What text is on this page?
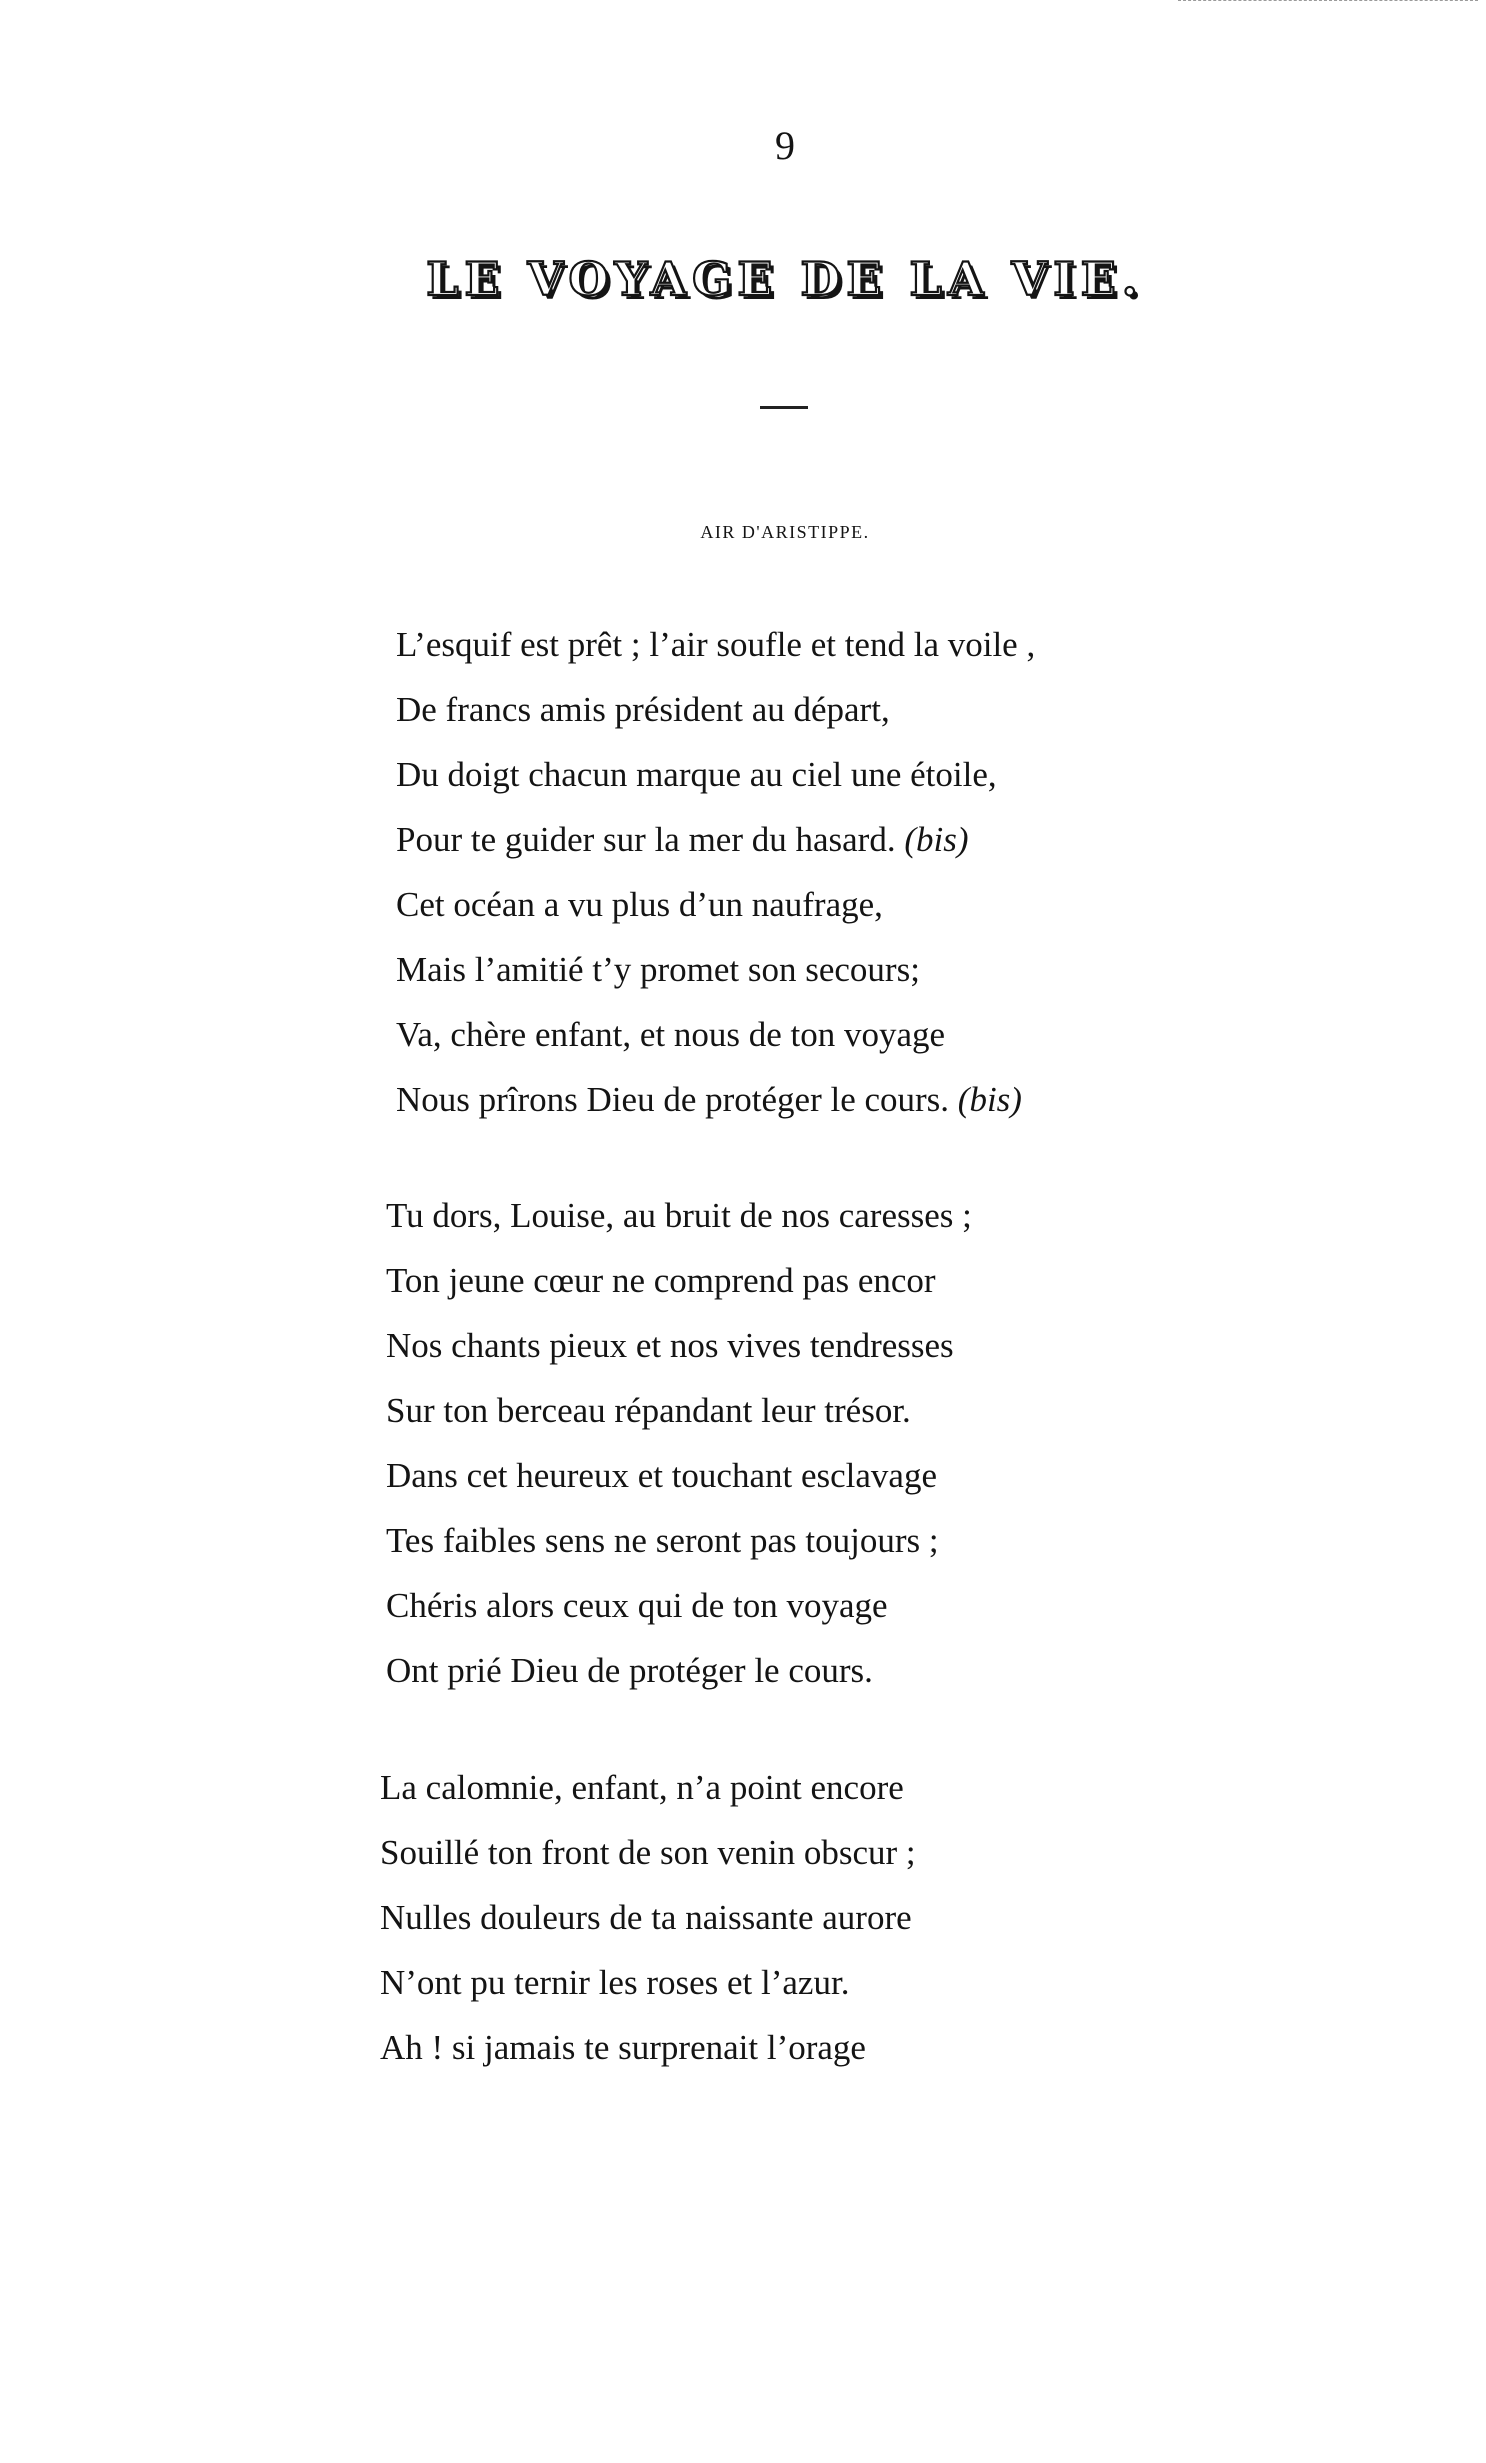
9
LE VOYAGE DE LA VIE.
AIR D'ARISTIPPE.
L’esquif est prêt ; l’air soufle et tend la voile ,
De francs amis président au départ,
Du doigt chacun marque au ciel une étoile,
Pour te guider sur la mer du hasard. (bis)
Cet océan a vu plus d’un naufrage,
Mais l’amitié t’y promet son secours;
Va, chère enfant, et nous de ton voyage
Nous prîrons Dieu de protéger le cours. (bis)
Tu dors, Louise, au bruit de nos caresses ;
Ton jeune cœur ne comprend pas encor
Nos chants pieux et nos vives tendresses
Sur ton berceau répandant leur trésor.
Dans cet heureux et touchant esclavage
Tes faibles sens ne seront pas toujours ;
Chéris alors ceux qui de ton voyage
Ont prié Dieu de protéger le cours.
La calomnie, enfant, n’a point encore
Souillé ton front de son venin obscur ;
Nulles douleurs de ta naissante aurore
N’ont pu ternir les roses et l’azur.
Ah ! si jamais te surprenait l’orage
